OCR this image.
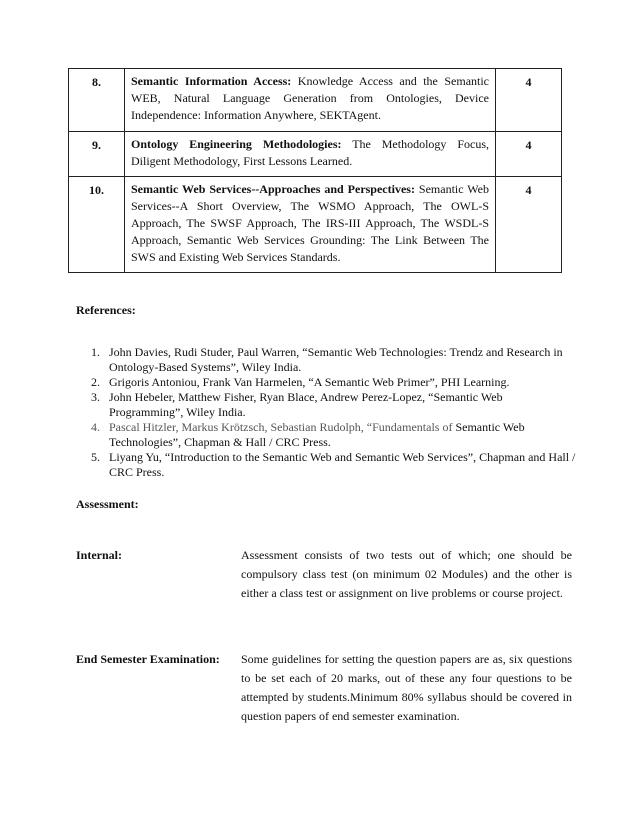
8.	Semantic Information Access: Knowledge Access and the Semantic WEB, Natural Language Generation from Ontologies, Device Independence: Information Anywhere, SEKTAgent.	4
9.	Ontology Engineering Methodologies: The Methodology Focus, Diligent Methodology, First Lessons Learned.	4
10.	Semantic Web Services--Approaches and Perspectives: Semantic Web Services--A Short Overview, The WSMO Approach, The OWL-S Approach, The SWSF Approach, The IRS-III Approach, The WSDL-S Approach, Semantic Web Services Grounding: The Link Between The SWS and Existing Web Services Standards.	4
References:
1. John Davies, Rudi Studer, Paul Warren, “Semantic Web Technologies: Trendz and Research in Ontology-Based Systems”, Wiley India.
2. Grigoris Antoniou, Frank Van Harmelen, “A Semantic Web Primer”, PHI Learning.
3. John Hebeler, Matthew Fisher, Ryan Blace, Andrew Perez-Lopez, “Semantic Web Programming”, Wiley India.
4. Pascal Hitzler, Markus Krötzsch, Sebastian Rudolph, “Fundamentals of Semantic Web Technologies”, Chapman & Hall / CRC Press.
5. Liyang Yu, “Introduction to the Semantic Web and Semantic Web Services”, Chapman and Hall / CRC Press.
Assessment:
Internal:	Assessment consists of two tests out of which; one should be compulsory class test (on minimum 02 Modules) and the other is either a class test or assignment on live problems or course project.
End Semester Examination: Some guidelines for setting the question papers are as, six questions to be set each of 20 marks, out of these any four questions to be attempted by students.Minimum 80% syllabus should be covered in question papers of end semester examination.
